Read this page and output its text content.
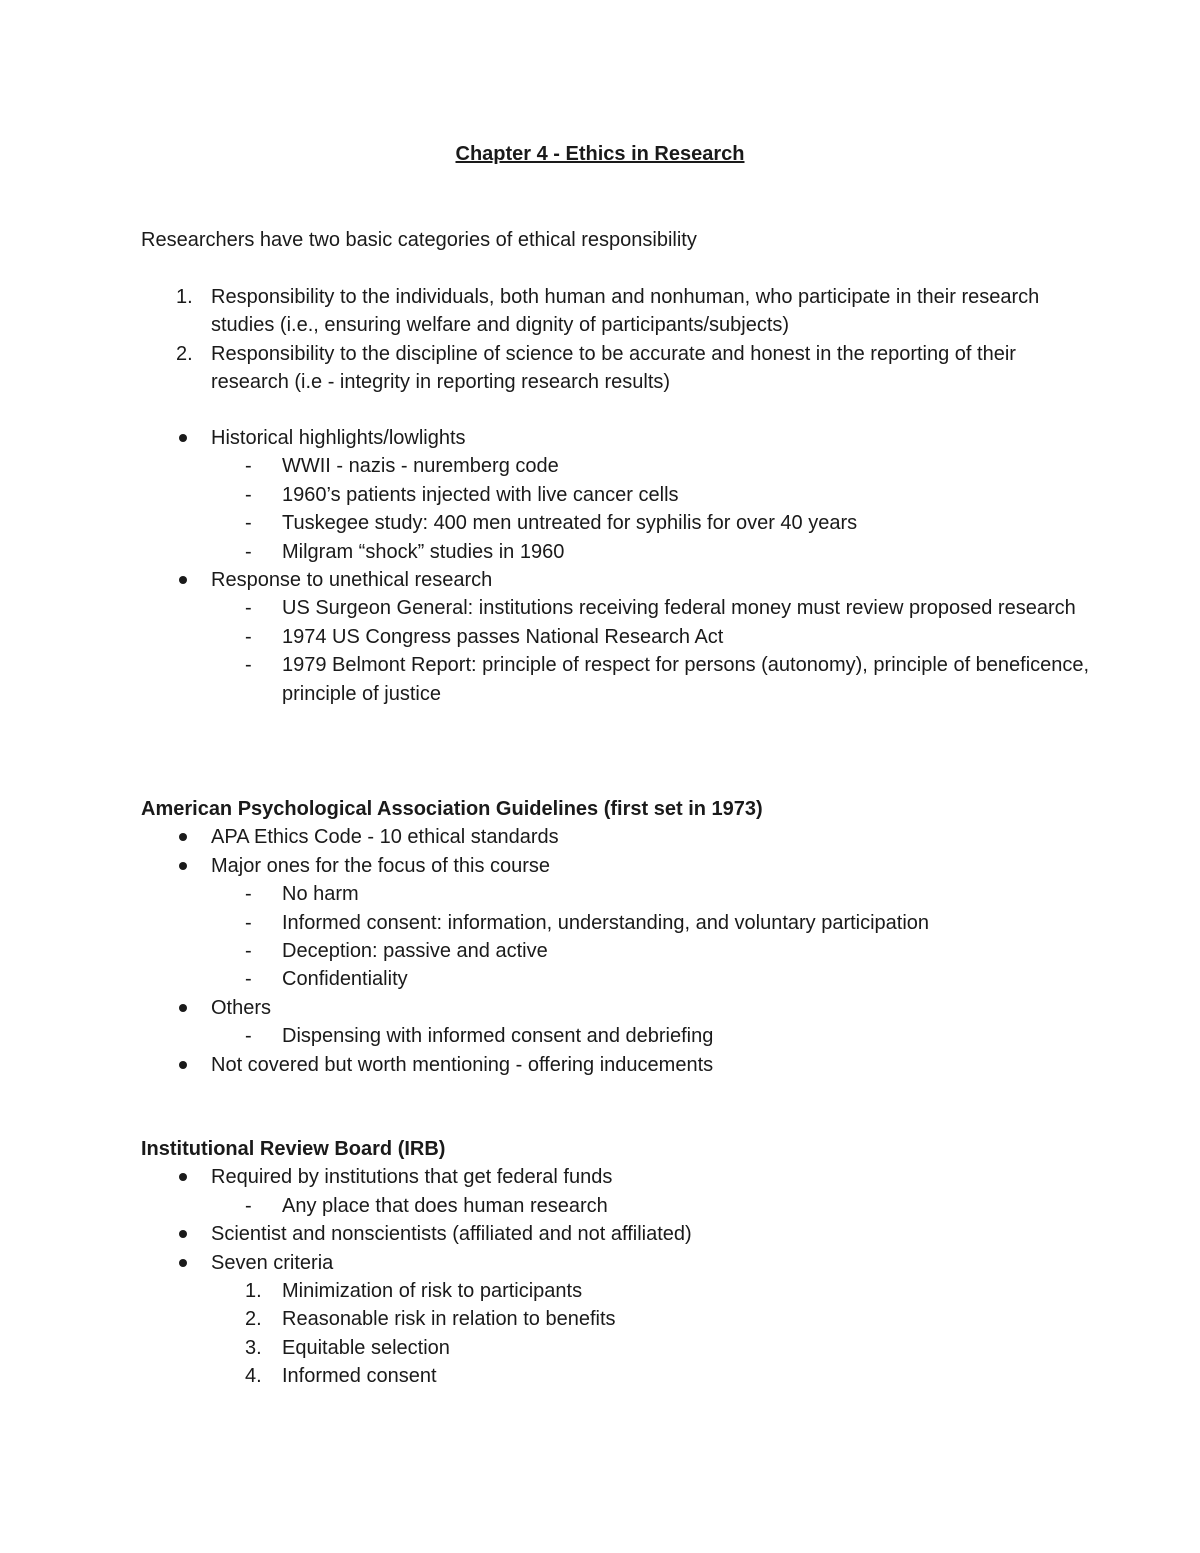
Chapter 4 - Ethics in Research
Researchers have two basic categories of ethical responsibility
1. Responsibility to the individuals, both human and nonhuman, who participate in their research studies (i.e., ensuring welfare and dignity of participants/subjects)
2. Responsibility to the discipline of science to be accurate and honest in the reporting of their research (i.e - integrity in reporting research results)
Historical highlights/lowlights
- WWII - nazis - nuremberg code
- 1960’s patients injected with live cancer cells
- Tuskegee study: 400 men untreated for syphilis for over 40 years
- Milgram “shock” studies in 1960
Response to unethical research
- US Surgeon General: institutions receiving federal money must review proposed research
- 1974 US Congress passes National Research Act
- 1979 Belmont Report: principle of respect for persons (autonomy), principle of beneficence, principle of justice
American Psychological Association Guidelines (first set in 1973)
APA Ethics Code - 10 ethical standards
Major ones for the focus of this course
- No harm
- Informed consent: information, understanding, and voluntary participation
- Deception: passive and active
- Confidentiality
Others
- Dispensing with informed consent and debriefing
Not covered but worth mentioning - offering inducements
Institutional Review Board (IRB)
Required by institutions that get federal funds
- Any place that does human research
Scientist and nonscientists (affiliated and not affiliated)
Seven criteria
1. Minimization of risk to participants
2. Reasonable risk in relation to benefits
3. Equitable selection
4. Informed consent
